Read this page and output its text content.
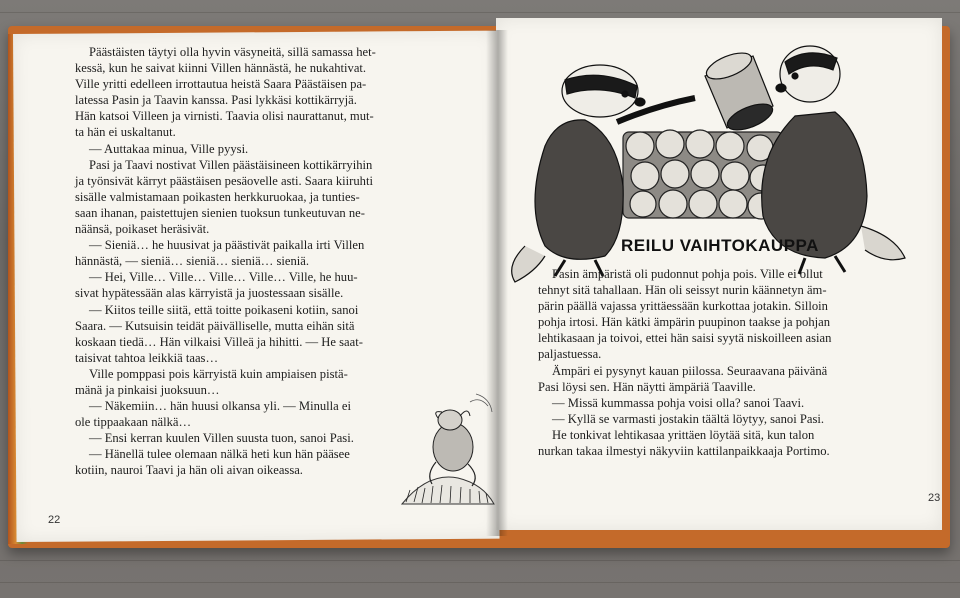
Päästäisten täytyi olla hyvin väsyneitä, sillä samassa het-

kessä, kun he saivat kiinni Villen hännästä, he nukahtivat.

Ville yritti edelleen irrottautua heistä Saara Päästäisen pa-

latessa Pasin ja Taavin kanssa. Pasi lykkäsi kottikärryjä.

Hän katsoi Villeen ja virnisti. Taavia olisi naurattanut, mut-

ta hän ei uskaltanut.

— Auttakaa minua, Ville pyysi.

Pasi ja Taavi nostivat Villen päästäisineen kottikärryihin

ja työnsivät kärryt päästäisen pesäovelle asti. Saara kiiruhti

sisälle valmistamaan poikasten herkkuruokaa, ja tunties-

saan ihanan, paistettujen sienien tuoksun tunkeutuvan ne-

näänsä, poikaset heräsivät.

— Sieniä… he huusivat ja päästivät paikalla irti Villen

hännästä, — sieniä… sieniä… sieniä… sieniä.

— Hei, Ville… Ville… Ville… Ville… Ville, he huu-

sivat hypätessään alas kärryistä ja juostessaan sisälle.

— Kiitos teille siitä, että toitte poikaseni kotiin, sanoi

Saara. — Kutsuisin teidät päivälliselle, mutta eihän sitä

koskaan tiedä… Hän vilkaisi Villeä ja hihitti. — He saat-

taisivat tahtoa leikkiä taas…

Ville pomppasi pois kärryistä kuin ampiaisen pistä-

mänä ja pinkaisi juoksuun…

— Näkemiin… hän huusi olkansa yli. — Minulla ei

ole tippaakaan nälkä…

— Ensi kerran kuulen Villen suusta tuon, sanoi Pasi.

— Hänellä tulee olemaan nälkä heti kun hän pääsee

kotiin, nauroi Taavi ja hän oli aivan oikeassa.

REILU VAIHTOKAUPPA

Pasin ämpäristä oli pudonnut pohja pois. Ville ei ollut

tehnyt sitä tahallaan. Hän oli seissyt nurin käännetyn äm-

pärin päällä vajassa yrittäessään kurkottaa jotakin. Silloin

pohja irtosi. Hän kätki ämpärin puupinon taakse ja pohjan

lehtikasaan ja toivoi, ettei hän saisi syytä niskoilleen asian

paljastuessa.

Ämpäri ei pysynyt kauan piilossa. Seuraavana päivänä

Pasi löysi sen. Hän näytti ämpäriä Taaville.

— Missä kummassa pohja voisi olla? sanoi Taavi.

— Kyllä se varmasti jostakin täältä löytyy, sanoi Pasi.

He tonkivat lehtikasaa yrittäen löytää sitä, kun talon

nurkan takaa ilmestyi näkyviin kattilanpaikkaaja Portimo.

22
23
